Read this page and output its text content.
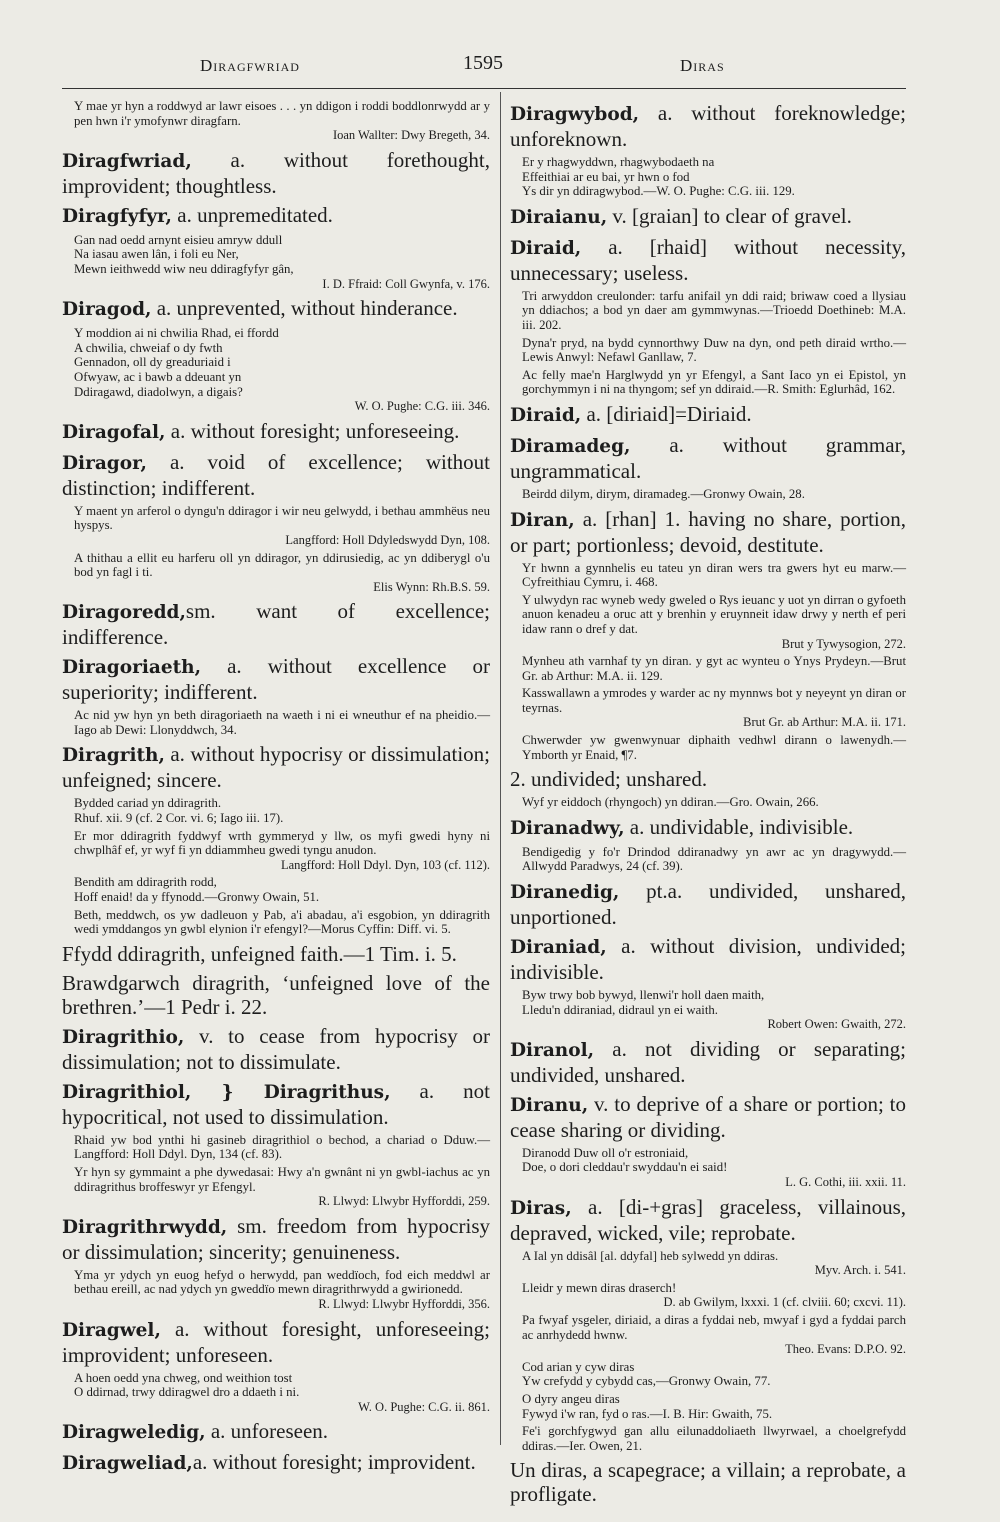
Diragfwriad	1595	Diras
Y mae yr hyn a roddwyd ar lawr eisoes . . . yn ddigon i roddi boddlonrwydd ar y pen hwn i'r ymofynwr diragfarn.
Ioan Wallter: Dwy Bregeth, 34.
Diragfwriad, a. without forethought, improvident; thoughtless.
Diragfyfyr, a. unpremeditated.
Gan nad oedd arnynt eisieu amryw ddull
Na iasau awen lân, i foli eu Ner,
Mewn ieithwedd wiw neu ddiragfyfyr gân,
I. D. Ffraid: Coll Gwynfa, v. 176.
Diragod, a. unprevented, without hinderance.
Y moddion ai ni chwilia Rhad, ei ffordd
A chwilia, chweiaf o dy fwth
Gennadon, oll dy greaduriaid i
Ofwyaw, ac i bawb a ddeuant yn
Ddiragawd, diadolwyn, a digais?
W. O. Pughe: C.G. iii. 346.
Diragofal, a. without foresight; unforeseeing.
Diragor, a. void of excellence; without distinction; indifferent.
Y maent yn arferol o dyngu'n ddiragor i wir neu gelwydd, i bethau ammhëus neu hyspys.
Langfford: Holl Ddyledswydd Dyn, 108.
A thithau a ellit eu harferu oll yn ddiragor, yn ddirusiedig, ac yn ddiberygl o'u bod yn fagl i ti.
Elis Wynn: Rh.B.S. 59.
Diragoredd,sm. want of excellence; indifference.
Diragoriaeth, a. without excellence or superiority; indifferent.
Ac nid yw hyn yn beth diragoriaeth na waeth i ni ei wneuthur ef na pheidio.—Iago ab Dewi: Llonyddwch, 34.
Diragrith, a. without hypocrisy or dissimulation; unfeigned; sincere.
Bydded cariad yn ddiragrith.
Rhuf. xii. 9 (cf. 2 Cor. vi. 6; Iago iii. 17).
Er mor ddiragrith fyddwyf wrth gymmeryd y llw, os myfi gwedi hyny ni chwplhâf ef, yr wyf fi yn ddiammheu gwedi tyngu anudon.
Langfford: Holl Ddyl. Dyn, 103 (cf. 112).
Bendith am ddiragrith rodd,
Hoff enaid! da y ffynodd.—Gronwy Owain, 51.
Beth, meddwch, os yw dadleuon y Pab, a'i abadau, a'i esgobion, yn ddiragrith wedi ymddangos yn gwbl elynion i'r efengyl?—Morus Cyffin: Diff. vi. 5.
Ffydd ddiragrith, unfeigned faith.—1 Tim. i. 5.
Brawdgarwch diragrith, ‘unfeigned love of the brethren.’—1 Pedr i. 22.
Diragrithio, v. to cease from hypocrisy or dissimulation; not to dissimulate.
Diragrithiol, } Diragrithus, a. not hypocritical, not used to dissimulation.
Rhaid yw bod ynthi hi gasineb diragrithiol o bechod, a chariad o Dduw.—Langfford: Holl Ddyl. Dyn, 134 (cf. 83).
Yr hyn sy gymmaint a phe dywedasai: Hwy a'n gwnânt ni yn gwbl-iachus ac yn ddiragrithus broffeswyr yr Efengyl.
R. Llwyd: Llwybr Hyfforddi, 259.
Diragrithrwydd, sm. freedom from hypocrisy or dissimulation; sincerity; genuineness.
Yma yr ydych yn euog hefyd o herwydd, pan weddïoch, fod eich meddwl ar bethau ereill, ac nad ydych yn gweddïo mewn diragrithrwydd a gwirionedd.
R. Llwyd: Llwybr Hyfforddi, 356.
Diragwel, a. without foresight, unforeseeing; improvident; unforeseen.
A hoen oedd yna chweg, ond weithion tost
O ddirnad, trwy ddiragwel dro a ddaeth i ni.
W. O. Pughe: C.G. ii. 861.
Diragweledig, a. unforeseen.
Diragweliad,a. without foresight; improvident.
Diragwybod, a. without foreknowledge; unforeknown.
Er y rhagwyddwn, rhagwybodaeth na
Effeithiai ar eu bai, yr hwn o fod
Ys dir yn ddiragwybod.—W. O. Pughe: C.G. iii. 129.
Diraianu, v. [graian] to clear of gravel.
Diraid, a. [rhaid] without necessity, unnecessary; useless.
Tri arwyddon creulonder: tarfu anifail yn ddi raid; briwaw coed a llysiau yn ddiachos; a bod yn daer am gymmwynas.—Trioedd Doethineb: M.A. iii. 202.
Dyna'r pryd, na bydd cynnorthwy Duw na dyn, ond peth diraid wrtho.—Lewis Anwyl: Nefawl Ganllaw, 7.
Ac felly mae'n Harglwydd yn yr Efengyl, a Sant Iaco yn ei Epistol, yn gorchymmyn i ni na thyngom; sef yn ddiraid.—R. Smith: Eglurhâd, 162.
Diraid, a. [diriaid]=Diriaid.
Diramadeg, a. without grammar, ungrammatical.
Beirdd dilym, dirym, diramadeg.—Gronwy Owain, 28.
Diran, a. [rhan] 1. having no share, portion, or part; portionless; devoid, destitute.
Yr hwnn a gynnhelis eu tateu yn diran wers tra gwers hyt eu marw.—Cyfreithiau Cymru, i. 468.
Y ulwydyn rac wyneb wedy gweled o Rys ieuanc y uot yn dirran o gyfoeth anuon kenadeu a oruc att y brenhin y eruynneit idaw drwy y nerth ef peri idaw rann o dref y dat.
Brut y Tywysogion, 272.
Mynheu ath varnhaf ty yn diran. y gyt ac wynteu o Ynys Prydeyn.—Brut Gr. ab Arthur: M.A. ii. 129.
Kasswallawn a ymrodes y warder ac ny mynnws bot y neyeynt yn diran or teyrnas.
Brut Gr. ab Arthur: M.A. ii. 171.
Chwerwder yw gwenwynuar diphaith vedhwl dirann o lawenydh.—Ymborth yr Enaid, ¶7.
2. undivided; unshared.
Wyf yr eiddoch (rhyngoch) yn ddiran.—Gro. Owain, 266.
Diranadwy, a. undividable, indivisible.
Bendigedig y fo'r Drindod ddiranadwy yn awr ac yn dragywydd.—Allwydd Paradwys, 24 (cf. 39).
Diranedig, pt.a. undivided, unshared, unportioned.
Diraniad, a. without division, undivided; indivisible.
Byw trwy bob bywyd, llenwi'r holl daen maith,
Lledu'n ddiraniad, didraul yn ei waith.
Robert Owen: Gwaith, 272.
Diranol, a. not dividing or separating; undivided, unshared.
Diranu, v. to deprive of a share or portion; to cease sharing or dividing.
Diranodd Duw oll o'r estroniaid,
Doe, o dori cleddau'r swyddau'n ei said!
L. G. Cothi, iii. xxii. 11.
Diras, a. [di-+gras] graceless, villainous, depraved, wicked, vile; reprobate.
A Ial yn ddisâl [al. ddyfal] heb sylwedd yn ddiras.
Myv. Arch. i. 541.
Lleidr y mewn diras draserch!
D. ab Gwilym, lxxxi. 1 (cf. clviii. 60; cxcvi. 11).
Pa fwyaf ysgeler, diriaid, a diras a fyddai neb, mwyaf i gyd a fyddai parch ac anrhydedd hwnw.
Theo. Evans: D.P.O. 92.
Cod arian y cyw diras
Yw crefydd y cybydd cas,—Gronwy Owain, 77.
O dyry angeu diras
Fywyd i'w ran, fyd o ras.—I. B. Hir: Gwaith, 75.
Fe'i gorchfygwyd gan allu eilunaddoliaeth llwyrwael, a choelgrefydd ddiras.—Ier. Owen, 21.
Un diras, a scapegrace; a villain; a reprobate, a profligate.
